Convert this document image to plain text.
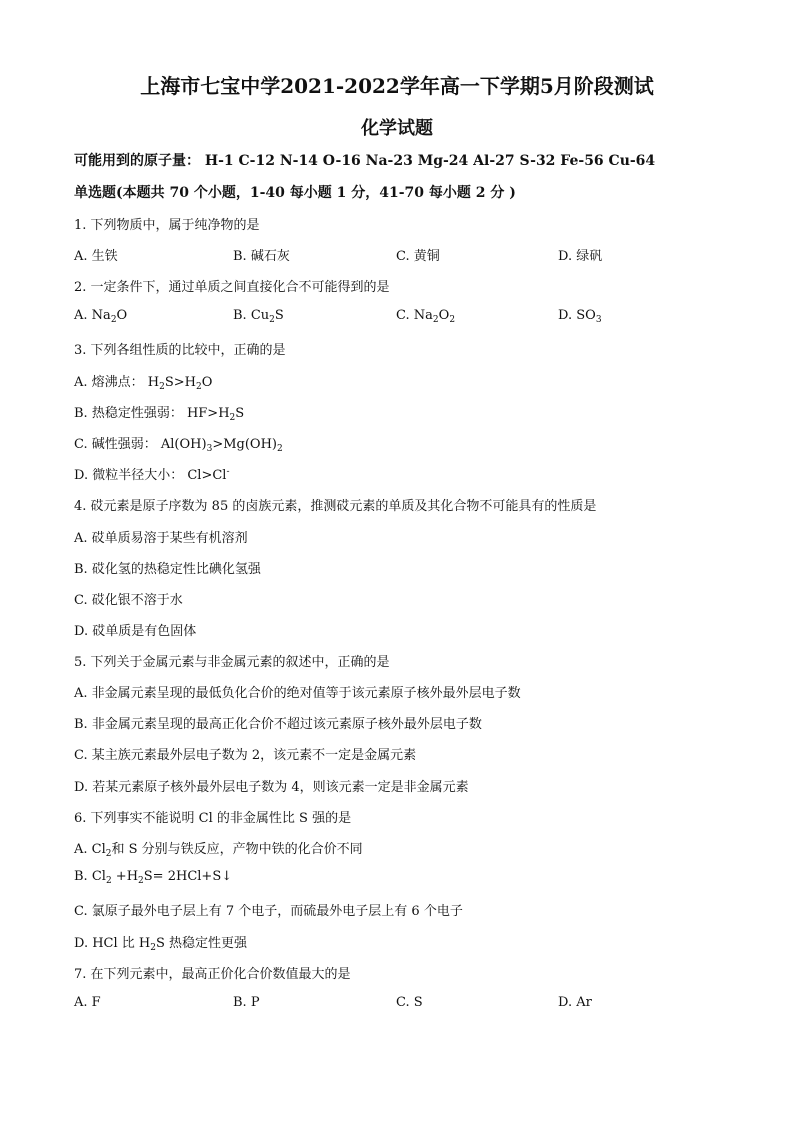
上海市七宝中学2021-2022学年高一下学期5月阶段测试
化学试题
可能用到的原子量： H-1 C-12 N-14 O-16 Na-23 Mg-24 Al-27 S-32 Fe-56 Cu-64
单选题(本题共 70 个小题，1-40 每小题 1 分，41-70 每小题 2 分 )
1. 下列物质中，属于纯净物的是
A. 生铁	B. 碱石灰	C. 黄铜	D. 绿矾
2. 一定条件下，通过单质之间直接化合不可能得到的是
A. $Na_2O$	B. $Cu_2S$	C. $Na_2O_2$	D. $SO_3$
3. 下列各组性质的比较中，正确的是
A. 熔沸点： $H_2S>H_2O$
B. 热稳定性强弱： $HF>H_2S$
C. 碱性强弱： $Al(OH)_3>Mg(OH)_2$
D. 微粒半径大小： Cl>Cl-
4. 砹元素是原子序数为 85 的卤族元素，推测砹元素的单质及其化合物不可能具有的性质是
A. 砹单质易溶于某些有机溶剂
B. 砹化氢的热稳定性比碘化氢强
C. 砹化银不溶于水
D. 砹单质是有色固体
5. 下列关于金属元素与非金属元素的叙述中，正确的是
A. 非金属元素呈现的最低负化合价的绝对值等于该元素原子核外最外层电子数
B. 非金属元素呈现的最高正化合价不超过该元素原子核外最外层电子数
C. 某主族元素最外层电子数为 2，该元素不一定是金属元素
D. 若某元素原子核外最外层电子数为 4，则该元素一定是非金属元素
6. 下列事实不能说明 Cl 的非金属性比 S 强的是
A. $Cl_2$和 S 分别与铁反应，产物中铁的化合价不同
B. $Cl_2 +H_2S=$ 2HCl+S↓
C. 氯原子最外电子层上有 7 个电子，而硫最外电子层上有 6 个电子
D. HCl 比 $H_2S$ 热稳定性更强
7. 在下列元素中，最高正价化合价数值最大的是
A. F	B. P	C. S	D. Ar
